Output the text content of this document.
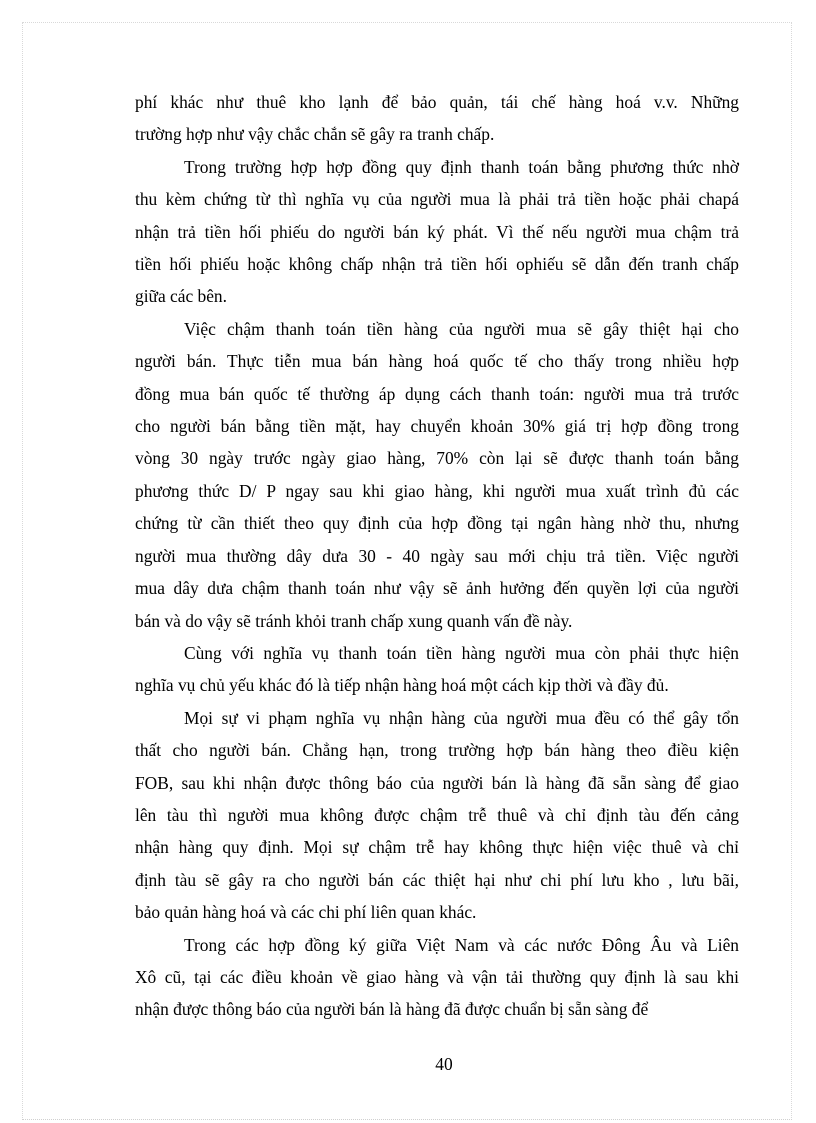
phí khác như thuê kho lạnh để bảo quản, tái chế hàng hoá v.v. Những
trường hợp như vậy chắc chắn sẽ gây ra tranh chấp.
Trong trường hợp hợp đồng quy định thanh toán bằng phương thức nhờ
thu kèm chứng từ thì nghĩa vụ của người mua là phải trả tiền hoặc phải chapá
nhận trả tiền hối phiếu do người bán ký phát. Vì thế nếu người mua chậm trả
tiền hối phiếu hoặc không chấp nhận trả tiền hối ophiếu sẽ dẫn đến tranh chấp
giữa các bên.
Việc chậm thanh toán tiền hàng của người mua sẽ gây thiệt hại cho
người bán. Thực tiễn mua bán hàng hoá quốc tế cho thấy trong nhiều hợp
đồng mua bán quốc tế thường áp dụng cách thanh toán: người mua trả trước
cho người bán bằng tiền mặt, hay chuyển khoản 30% giá trị hợp đồng trong
vòng 30 ngày trước ngày giao hàng, 70% còn lại sẽ được thanh toán bằng
phương thức D/ P ngay sau khi giao hàng, khi người mua xuất trình đủ các
chứng từ cần thiết theo quy định của hợp đồng tại ngân hàng nhờ thu, nhưng
người mua thường dây dưa 30 - 40 ngày sau mới chịu trả tiền. Việc người
mua dây dưa chậm thanh toán như vậy sẽ ảnh hưởng đến quyền lợi của người
bán và do vậy sẽ tránh khỏi tranh chấp xung quanh vấn đề này.
Cùng với nghĩa vụ thanh toán tiền hàng người mua còn phải thực hiện
nghĩa vụ chủ yếu khác đó là tiếp nhận hàng hoá một cách kịp thời và đầy đủ.
Mọi sự vi phạm nghĩa vụ nhận hàng của người mua đều có thể gây tổn
thất cho người bán. Chẳng hạn, trong trường hợp bán hàng theo điều kiện
FOB, sau khi nhận được thông báo của người bán là hàng đã sẵn sàng để giao
lên tàu thì người mua không được chậm trễ thuê và chỉ định tàu đến cảng
nhận hàng quy định. Mọi sự chậm trễ hay không thực hiện việc thuê và chỉ
định tàu sẽ gây ra cho người bán các thiệt hại như chi phí lưu kho , lưu bãi,
bảo quản hàng hoá và các chi phí liên quan khác.
Trong các hợp đồng ký giữa Việt Nam và các nước Đông Âu và Liên
Xô cũ, tại các điều khoản về giao hàng và vận tải thường quy định là sau khi
nhận được thông báo của người bán là hàng đã được chuẩn bị sẵn sàng để
40
